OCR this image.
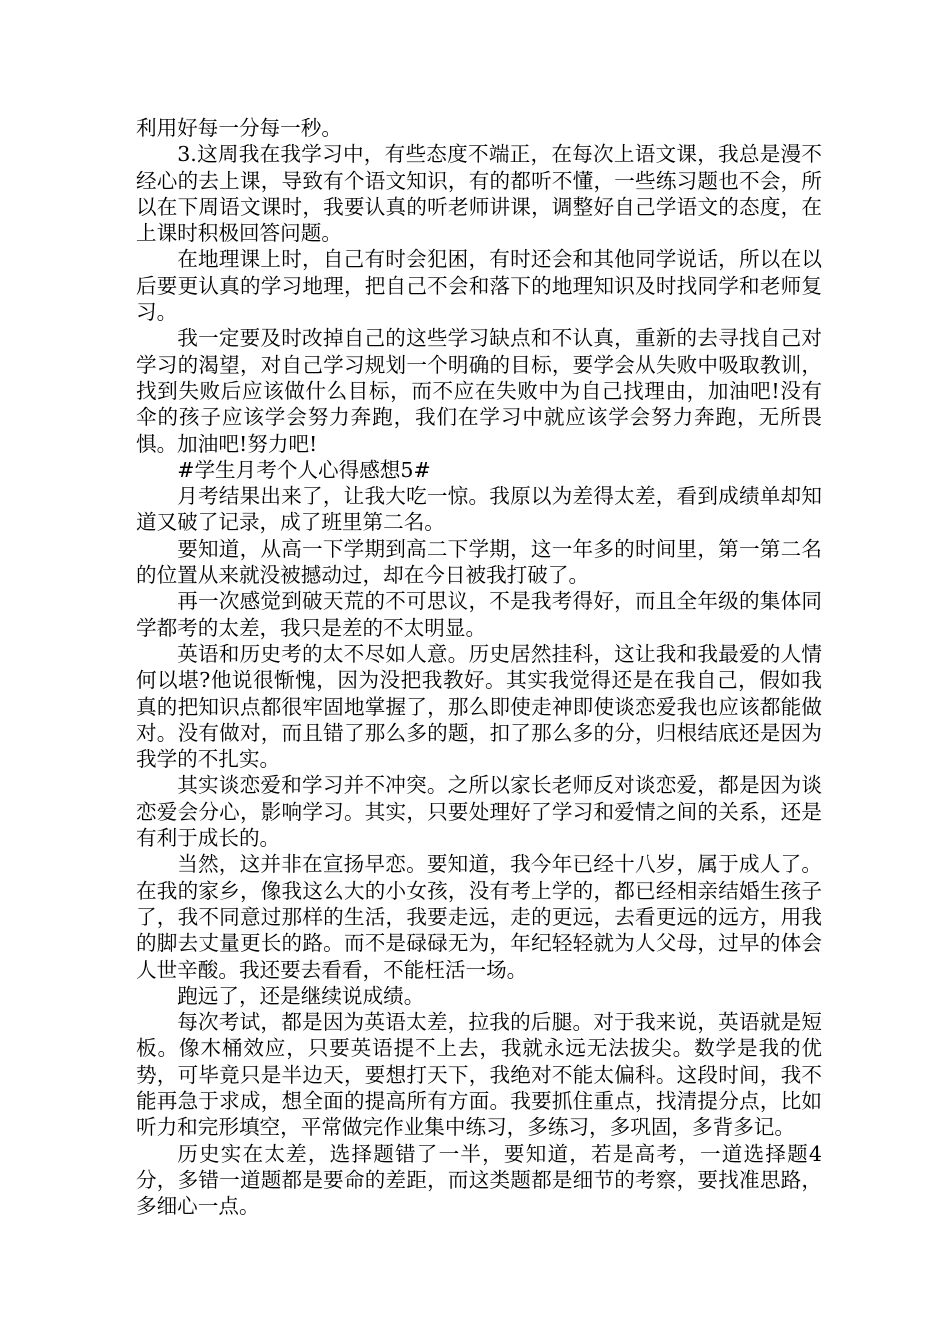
利用好每一分每一秒。

3.这周我在我学习中，有些态度不端正，在每次上语文课，我总是漫不经心的去上课，导致有个语文知识，有的都听不懂，一些练习题也不会，所以在下周语文课时，我要认真的听老师讲课，调整好自己学语文的态度，在上课时积极回答问题。

在地理课上时，自己有时会犯困，有时还会和其他同学说话，所以在以后要更认真的学习地理，把自己不会和落下的地理知识及时找同学和老师复习。

我一定要及时改掉自己的这些学习缺点和不认真，重新的去寻找自己对学习的渴望，对自己学习规划一个明确的目标，要学会从失败中吸取教训，找到失败后应该做什么目标，而不应在失败中为自己找理由，加油吧!没有伞的孩子应该学会努力奔跑，我们在学习中就应该学会努力奔跑，无所畏惧。加油吧!努力吧!

#学生月考个人心得感想5#

月考结果出来了，让我大吃一惊。我原以为差得太差，看到成绩单却知道又破了记录，成了班里第二名。

要知道，从高一下学期到高二下学期，这一年多的时间里，第一第二名的位置从来就没被撼动过，却在今日被我打破了。

再一次感觉到破天荒的不可思议，不是我考得好，而且全年级的集体同学都考的太差，我只是差的不太明显。

英语和历史考的太不尽如人意。历史居然挂科，这让我和我最爱的人情何以堪?他说很惭愧，因为没把我教好。其实我觉得还是在我自己，假如我真的把知识点都很牢固地掌握了，那么即使走神即使谈恋爱我也应该都能做对。没有做对，而且错了那么多的题，扣了那么多的分，归根结底还是因为我学的不扎实。

其实谈恋爱和学习并不冲突。之所以家长老师反对谈恋爱，都是因为谈恋爱会分心，影响学习。其实，只要处理好了学习和爱情之间的关系，还是有利于成长的。

当然，这并非在宣扬早恋。要知道，我今年已经十八岁，属于成人了。在我的家乡，像我这么大的小女孩，没有考上学的，都已经相亲结婚生孩子了，我不同意过那样的生活，我要走远，走的更远，去看更远的远方，用我的脚去丈量更长的路。而不是碌碌无为，年纪轻轻就为人父母，过早的体会人世辛酸。我还要去看看，不能枉活一场。

跑远了，还是继续说成绩。

每次考试，都是因为英语太差，拉我的后腿。对于我来说，英语就是短板。像木桶效应，只要英语提不上去，我就永远无法拔尖。数学是我的优势，可毕竟只是半边天，要想打天下，我绝对不能太偏科。这段时间，我不能再急于求成，想全面的提高所有方面。我要抓住重点，找清提分点，比如听力和完形填空，平常做完作业集中练习，多练习，多巩固，多背多记。

历史实在太差，选择题错了一半，要知道，若是高考，一道选择题4分，多错一道题都是要命的差距，而这类题都是细节的考察，要找准思路，多细心一点。
